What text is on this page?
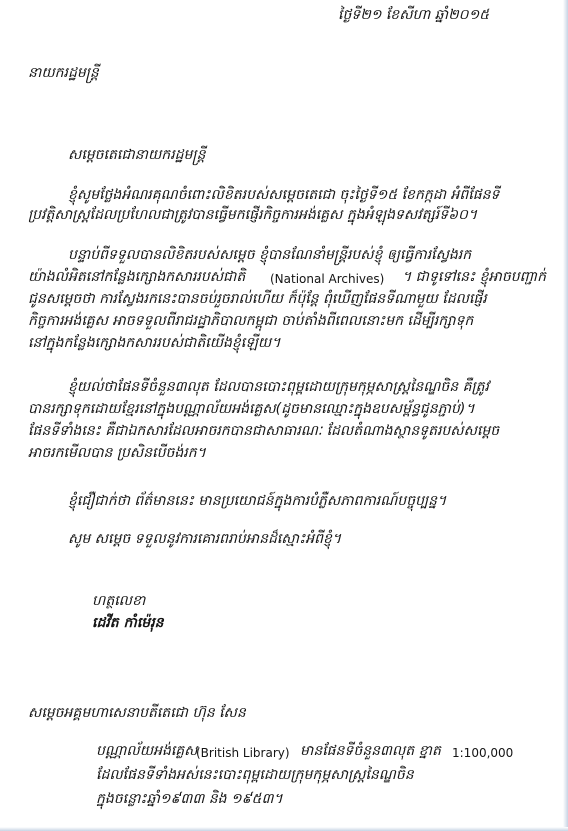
ថ្ងៃទី២១ ខែសីហា ឆ្នាំ២០១៥
នាយករដ្ឋមន្ត្រី
សម្តេចតេជោនាយករដ្ឋមន្ត្រី
ខ្ញុំសូមថ្លែងអំណរគុណចំពោះលិខិតរបស់សម្តេចតេជោ ចុះថ្ងៃទី១៥ ខែកក្កដា អំពីផែនទី
ប្រវត្តិសាស្ត្រដែលប្រហែលជាត្រូវបានធ្វើមកផ្ញើរកិច្ចការអង់គ្លេស ក្នុងអំឡុងទសវត្សរ៍ទី៦០។
បន្ទាប់ពីទទួលបានលិខិតរបស់សម្តេច ខ្ញុំបានណែនាំមន្ត្រីរបស់ខ្ញុំ ឲ្យធ្វើការស្វែងរក
យ៉ាងលំអិតនៅកន្លែងក្សោងកសាររបស់ជាតិ (National Archives) ។ ជាទូទៅនេះ ខ្ញុំអាចបញ្ជាក់
ជូនសម្តេចថា ការស្វែងរកនេះបានចប់រួចរាល់ហើយ ក៏ប៉ុន្តែ ពុំឃើញផែនទីណាមួយ ដែលផ្ញើរ
កិច្ចការអង់គ្លេស អាចទទួលពីរាជរដ្ឋាភិបាលកម្ពុជា ចាប់តាំងពីពេលនោះមក ដើម្បីរក្សាទុក
នៅក្នុងកន្លែងក្សោងកសាររបស់ជាតិយើងខ្ញុំឡើយ។
ខ្ញុំយល់ថាផែនទីចំនួន៣លុត ដែលបានបោះពុម្ពដោយក្រុមកុម្ភសាស្ត្រនៃណ្ឌចិន គឺត្រូវ
បានរក្សាទុកដោយខ្មែរនៅក្នុងបណ្ណាល័យអង់គ្លេស(ដូចមានឈ្មោះក្នុងឧបសម្ព័ន្ធជូនភ្ជាប់)។
ផែនទីទាំងនេះ គឺជាឯកសារដែលអាចរកបានជាសាធារណៈ ដែលតំណាងស្ថានទូតរបស់សម្តេច
អាចរកមើលបាន ប្រសិនបើចង់រក។
ខ្ញុំជឿជាក់ថា ព័ត៌មាននេះ មានប្រយោជន៍ក្នុងការបំភ្លឺសភាពការណ៍បច្ចុប្បន្ន។
សូម សម្តេច ទទួលនូវការគោរពរាប់អានដ៏ស្មោះអំពីខ្ញុំ។
ហត្ថលេខា
ដេវីត កាំម៉េរុន
សម្តេចអគ្គមហាសេនាបតីតេជោ ហ៊ុន សែន
បណ្ណាល័យអង់គ្លេស
(British Library) មានផែនទីចំនួន៣លុត ខ្នាត 1:100,000
ដែលផែនទីទាំងអស់នេះបោះពុម្ពដោយក្រុមកុម្ភសាស្ត្រនៃណ្ឌចិន
ក្នុងចន្លោះឆ្នាំ១៩៣៣ និង ១៩៥៣។
